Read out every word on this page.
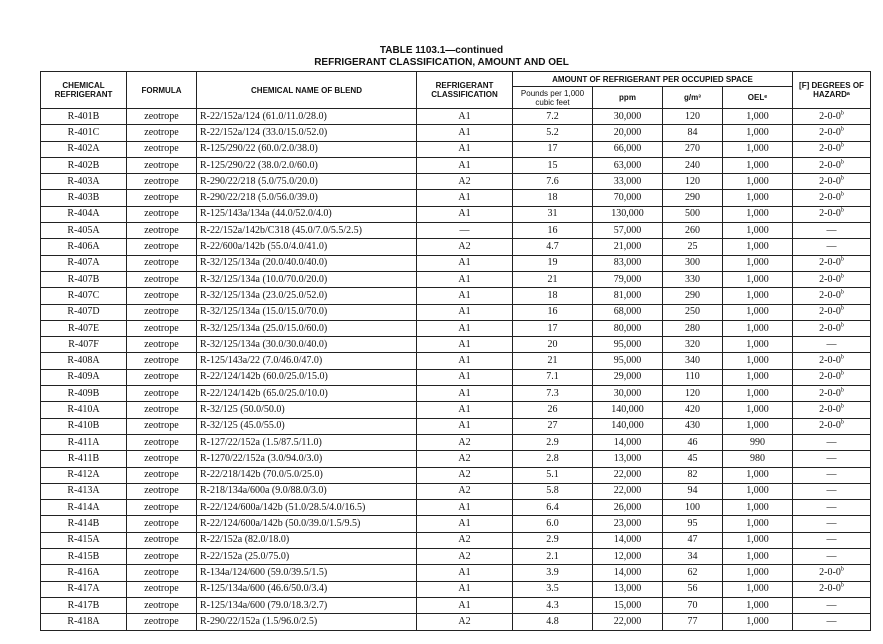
TABLE 1103.1—continued
REFRIGERANT CLASSIFICATION, AMOUNT AND OEL
CHEMICAL REFRIGERANT	FORMULA	CHEMICAL NAME OF BLEND	REFRIGERANT CLASSIFICATION	AMOUNT OF REFRIGERANT PER OCCUPIED SPACE				[F] DEGREES OF HAZARDᵃ
				Pounds per 1,000 cubic feet	ppm	g/m³	OELᵉ	
R-401B	zeotrope	R-22/152a/124 (61.0/11.0/28.0)	A1	7.2	30,000	120	1,000	2-0-0$^b$
R-401C	zeotrope	R-22/152a/124 (33.0/15.0/52.0)	A1	5.2	20,000	84	1,000	2-0-0$^b$
R-402A	zeotrope	R-125/290/22 (60.0/2.0/38.0)	A1	17	66,000	270	1,000	2-0-0$^b$
R-402B	zeotrope	R-125/290/22 (38.0/2.0/60.0)	A1	15	63,000	240	1,000	2-0-0$^b$
R-403A	zeotrope	R-290/22/218 (5.0/75.0/20.0)	A2	7.6	33,000	120	1,000	2-0-0$^b$
R-403B	zeotrope	R-290/22/218 (5.0/56.0/39.0)	A1	18	70,000	290	1,000	2-0-0$^b$
R-404A	zeotrope	R-125/143a/134a (44.0/52.0/4.0)	A1	31	130,000	500	1,000	2-0-0$^b$
R-405A	zeotrope	R-22/152a/142b/C318 (45.0/7.0/5.5/2.5)	—	16	57,000	260	1,000	—
R-406A	zeotrope	R-22/600a/142b (55.0/4.0/41.0)	A2	4.7	21,000	25	1,000	—
R-407A	zeotrope	R-32/125/134a (20.0/40.0/40.0)	A1	19	83,000	300	1,000	2-0-0$^b$
R-407B	zeotrope	R-32/125/134a (10.0/70.0/20.0)	A1	21	79,000	330	1,000	2-0-0$^b$
R-407C	zeotrope	R-32/125/134a (23.0/25.0/52.0)	A1	18	81,000	290	1,000	2-0-0$^b$
R-407D	zeotrope	R-32/125/134a (15.0/15.0/70.0)	A1	16	68,000	250	1,000	2-0-0$^b$
R-407E	zeotrope	R-32/125/134a (25.0/15.0/60.0)	A1	17	80,000	280	1,000	2-0-0$^b$
R-407F	zeotrope	R-32/125/134a (30.0/30.0/40.0)	A1	20	95,000	320	1,000	—
R-408A	zeotrope	R-125/143a/22 (7.0/46.0/47.0)	A1	21	95,000	340	1,000	2-0-0$^b$
R-409A	zeotrope	R-22/124/142b (60.0/25.0/15.0)	A1	7.1	29,000	110	1,000	2-0-0$^b$
R-409B	zeotrope	R-22/124/142b (65.0/25.0/10.0)	A1	7.3	30,000	120	1,000	2-0-0$^b$
R-410A	zeotrope	R-32/125 (50.0/50.0)	A1	26	140,000	420	1,000	2-0-0$^b$
R-410B	zeotrope	R-32/125 (45.0/55.0)	A1	27	140,000	430	1,000	2-0-0$^b$
R-411A	zeotrope	R-127/22/152a (1.5/87.5/11.0)	A2	2.9	14,000	46	990	—
R-411B	zeotrope	R-1270/22/152a (3.0/94.0/3.0)	A2	2.8	13,000	45	980	—
R-412A	zeotrope	R-22/218/142b (70.0/5.0/25.0)	A2	5.1	22,000	82	1,000	—
R-413A	zeotrope	R-218/134a/600a (9.0/88.0/3.0)	A2	5.8	22,000	94	1,000	—
R-414A	zeotrope	R-22/124/600a/142b (51.0/28.5/4.0/16.5)	A1	6.4	26,000	100	1,000	—
R-414B	zeotrope	R-22/124/600a/142b (50.0/39.0/1.5/9.5)	A1	6.0	23,000	95	1,000	—
R-415A	zeotrope	R-22/152a (82.0/18.0)	A2	2.9	14,000	47	1,000	—
R-415B	zeotrope	R-22/152a (25.0/75.0)	A2	2.1	12,000	34	1,000	—
R-416A	zeotrope	R-134a/124/600 (59.0/39.5/1.5)	A1	3.9	14,000	62	1,000	2-0-0$^b$
R-417A	zeotrope	R-125/134a/600 (46.6/50.0/3.4)	A1	3.5	13,000	56	1,000	2-0-0$^b$
R-417B	zeotrope	R-125/134a/600 (79.0/18.3/2.7)	A1	4.3	15,000	70	1,000	—
R-418A	zeotrope	R-290/22/152a (1.5/96.0/2.5)	A2	4.8	22,000	77	1,000	—
